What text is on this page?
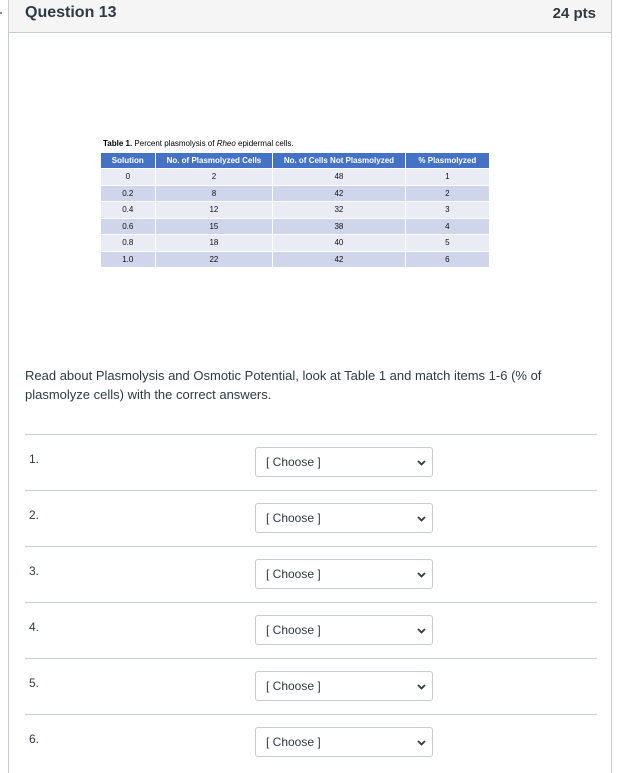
Question 13	24 pts
Table 1. Percent plasmolysis of Rheo epidermal cells.
Solution	No. of Plasmolyzed Cells	No. of Cells Not Plasmolyzed	% Plasmolyzed
0	2	48	1
0.2	8	42	2
0.4	12	32	3
0.6	15	38	4
0.8	18	40	5
1.0	22	42	6
Read about Plasmolysis and Osmotic Potential, look at Table 1 and match items 1-6 (% of plasmolyze cells) with the correct answers.
1.	[ Choose ]
2.	[ Choose ]
3.	[ Choose ]
4.	[ Choose ]
5.	[ Choose ]
6.	[ Choose ]
